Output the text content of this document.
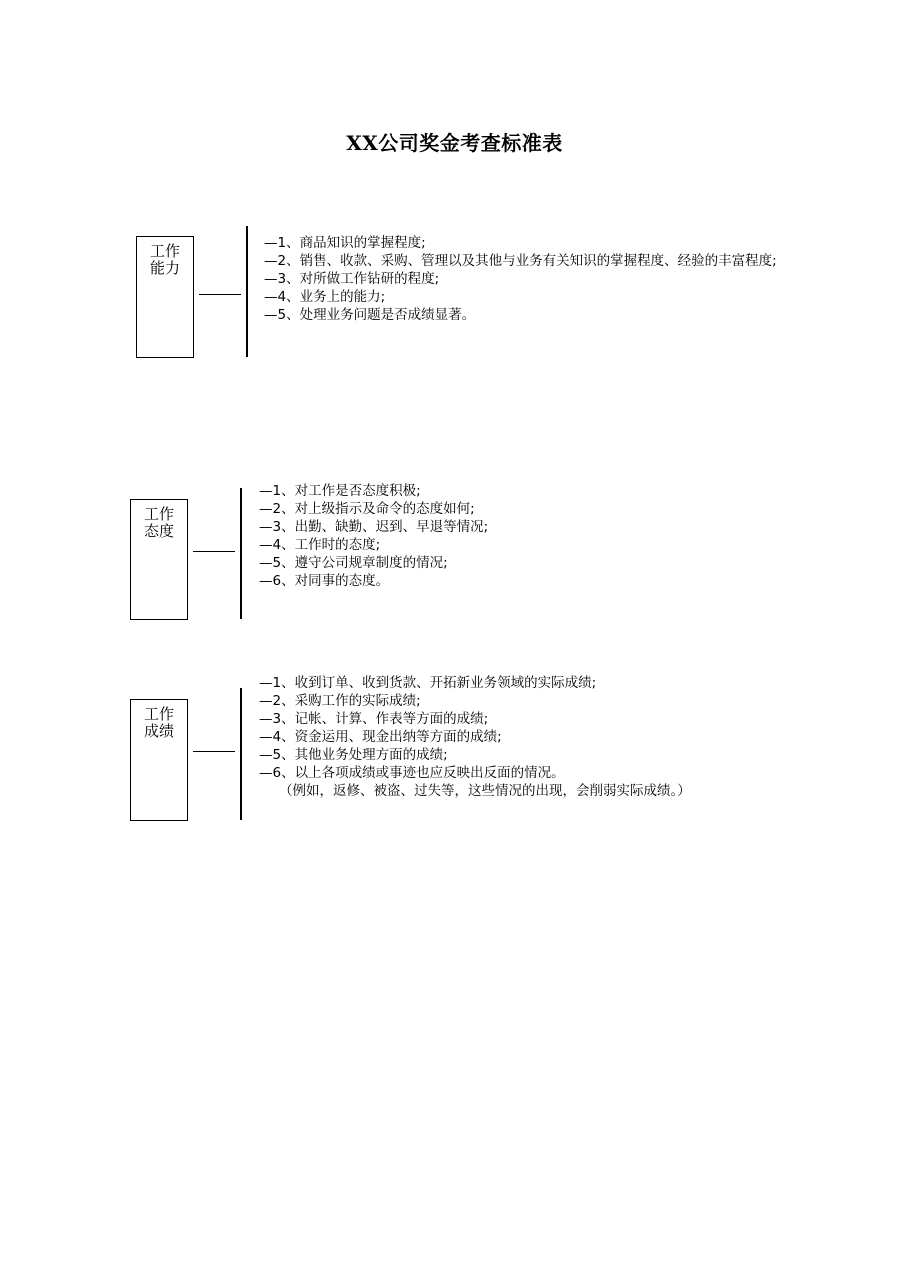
XX公司奖金考查标准表
工作
能力
—1、商品知识的掌握程度;
—2、销售、收款、采购、管理以及其他与业务有关知识的掌握程度、经验的丰富程度;
—3、对所做工作钻研的程度;
—4、业务上的能力;
—5、处理业务问题是否成绩显著。
工作
态度
—1、对工作是否态度积极;
—2、对上级指示及命令的态度如何;
—3、出勤、缺勤、迟到、早退等情况;
—4、工作时的态度;
—5、遵守公司规章制度的情况;
—6、对同事的态度。
工作
成绩
—1、收到订单、收到货款、开拓新业务领域的实际成绩;
—2、采购工作的实际成绩;
—3、记帐、计算、作表等方面的成绩;
—4、资金运用、现金出纳等方面的成绩;
—5、其他业务处理方面的成绩;
—6、以上各项成绩或事迹也应反映出反面的情况。
（例如，返修、被盗、过失等，这些情况的出现，会削弱实际成绩。）
